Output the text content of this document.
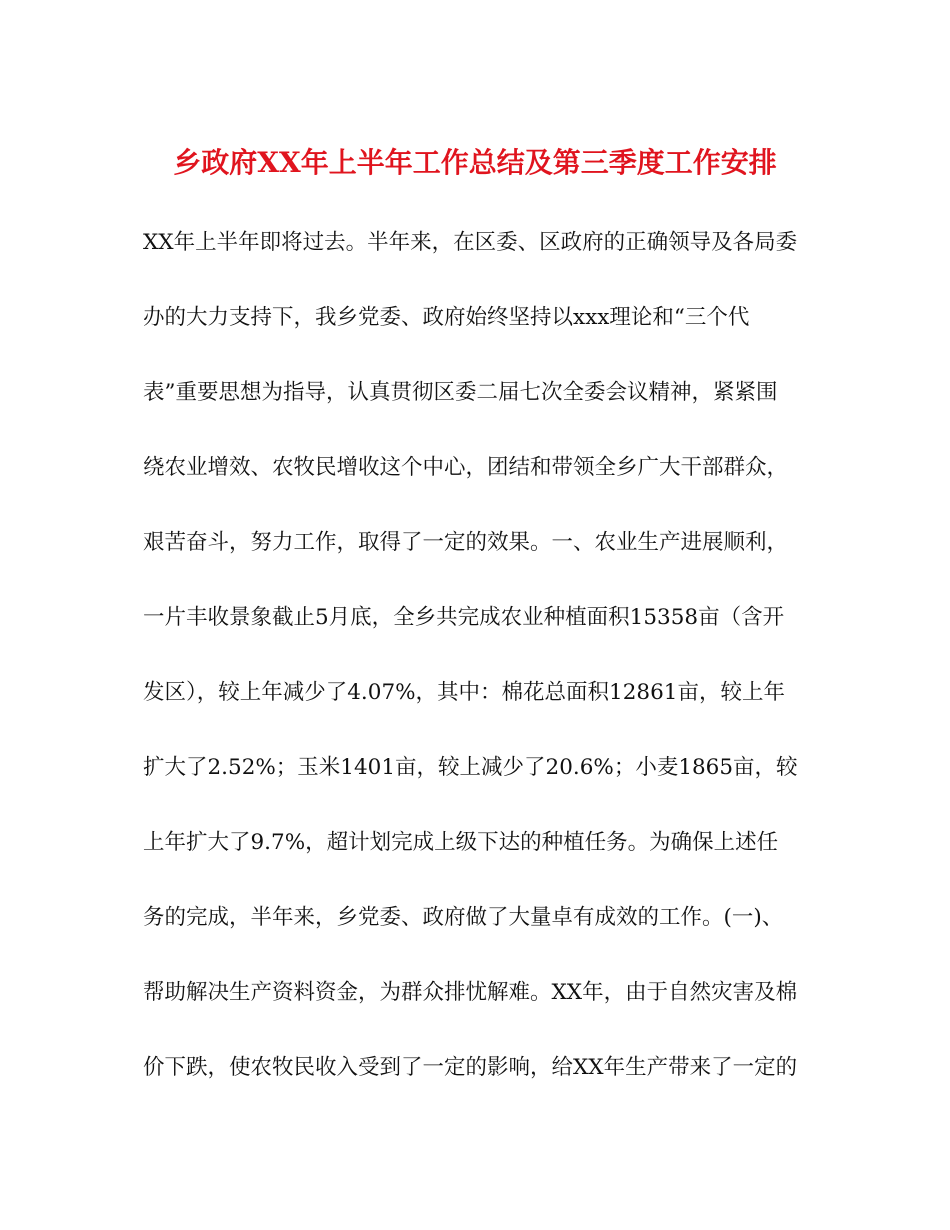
乡政府XX年上半年工作总结及第三季度工作安排
XX年上半年即将过去。半年来，在区委、区政府的正确领导及各局委
办的大力支持下，我乡党委、政府始终坚持以xxx理论和“三个代
表”重要思想为指导，认真贯彻区委二届七次全委会议精神，紧紧围
绕农业增效、农牧民增收这个中心，团结和带领全乡广大干部群众，
艰苦奋斗，努力工作，取得了一定的效果。一、农业生产进展顺利，
一片丰收景象截止5月底，全乡共完成农业种植面积15358亩（含开
发区），较上年减少了4.07%，其中：棉花总面积12861亩，较上年
扩大了2.52%；玉米1401亩，较上减少了20.6%；小麦1865亩，较
上年扩大了9.7%，超计划完成上级下达的种植任务。为确保上述任
务的完成，半年来，乡党委、政府做了大量卓有成效的工作。(一)、
帮助解决生产资料资金，为群众排忧解难。XX年，由于自然灾害及棉
价下跌，使农牧民收入受到了一定的影响，给XX年生产带来了一定的
